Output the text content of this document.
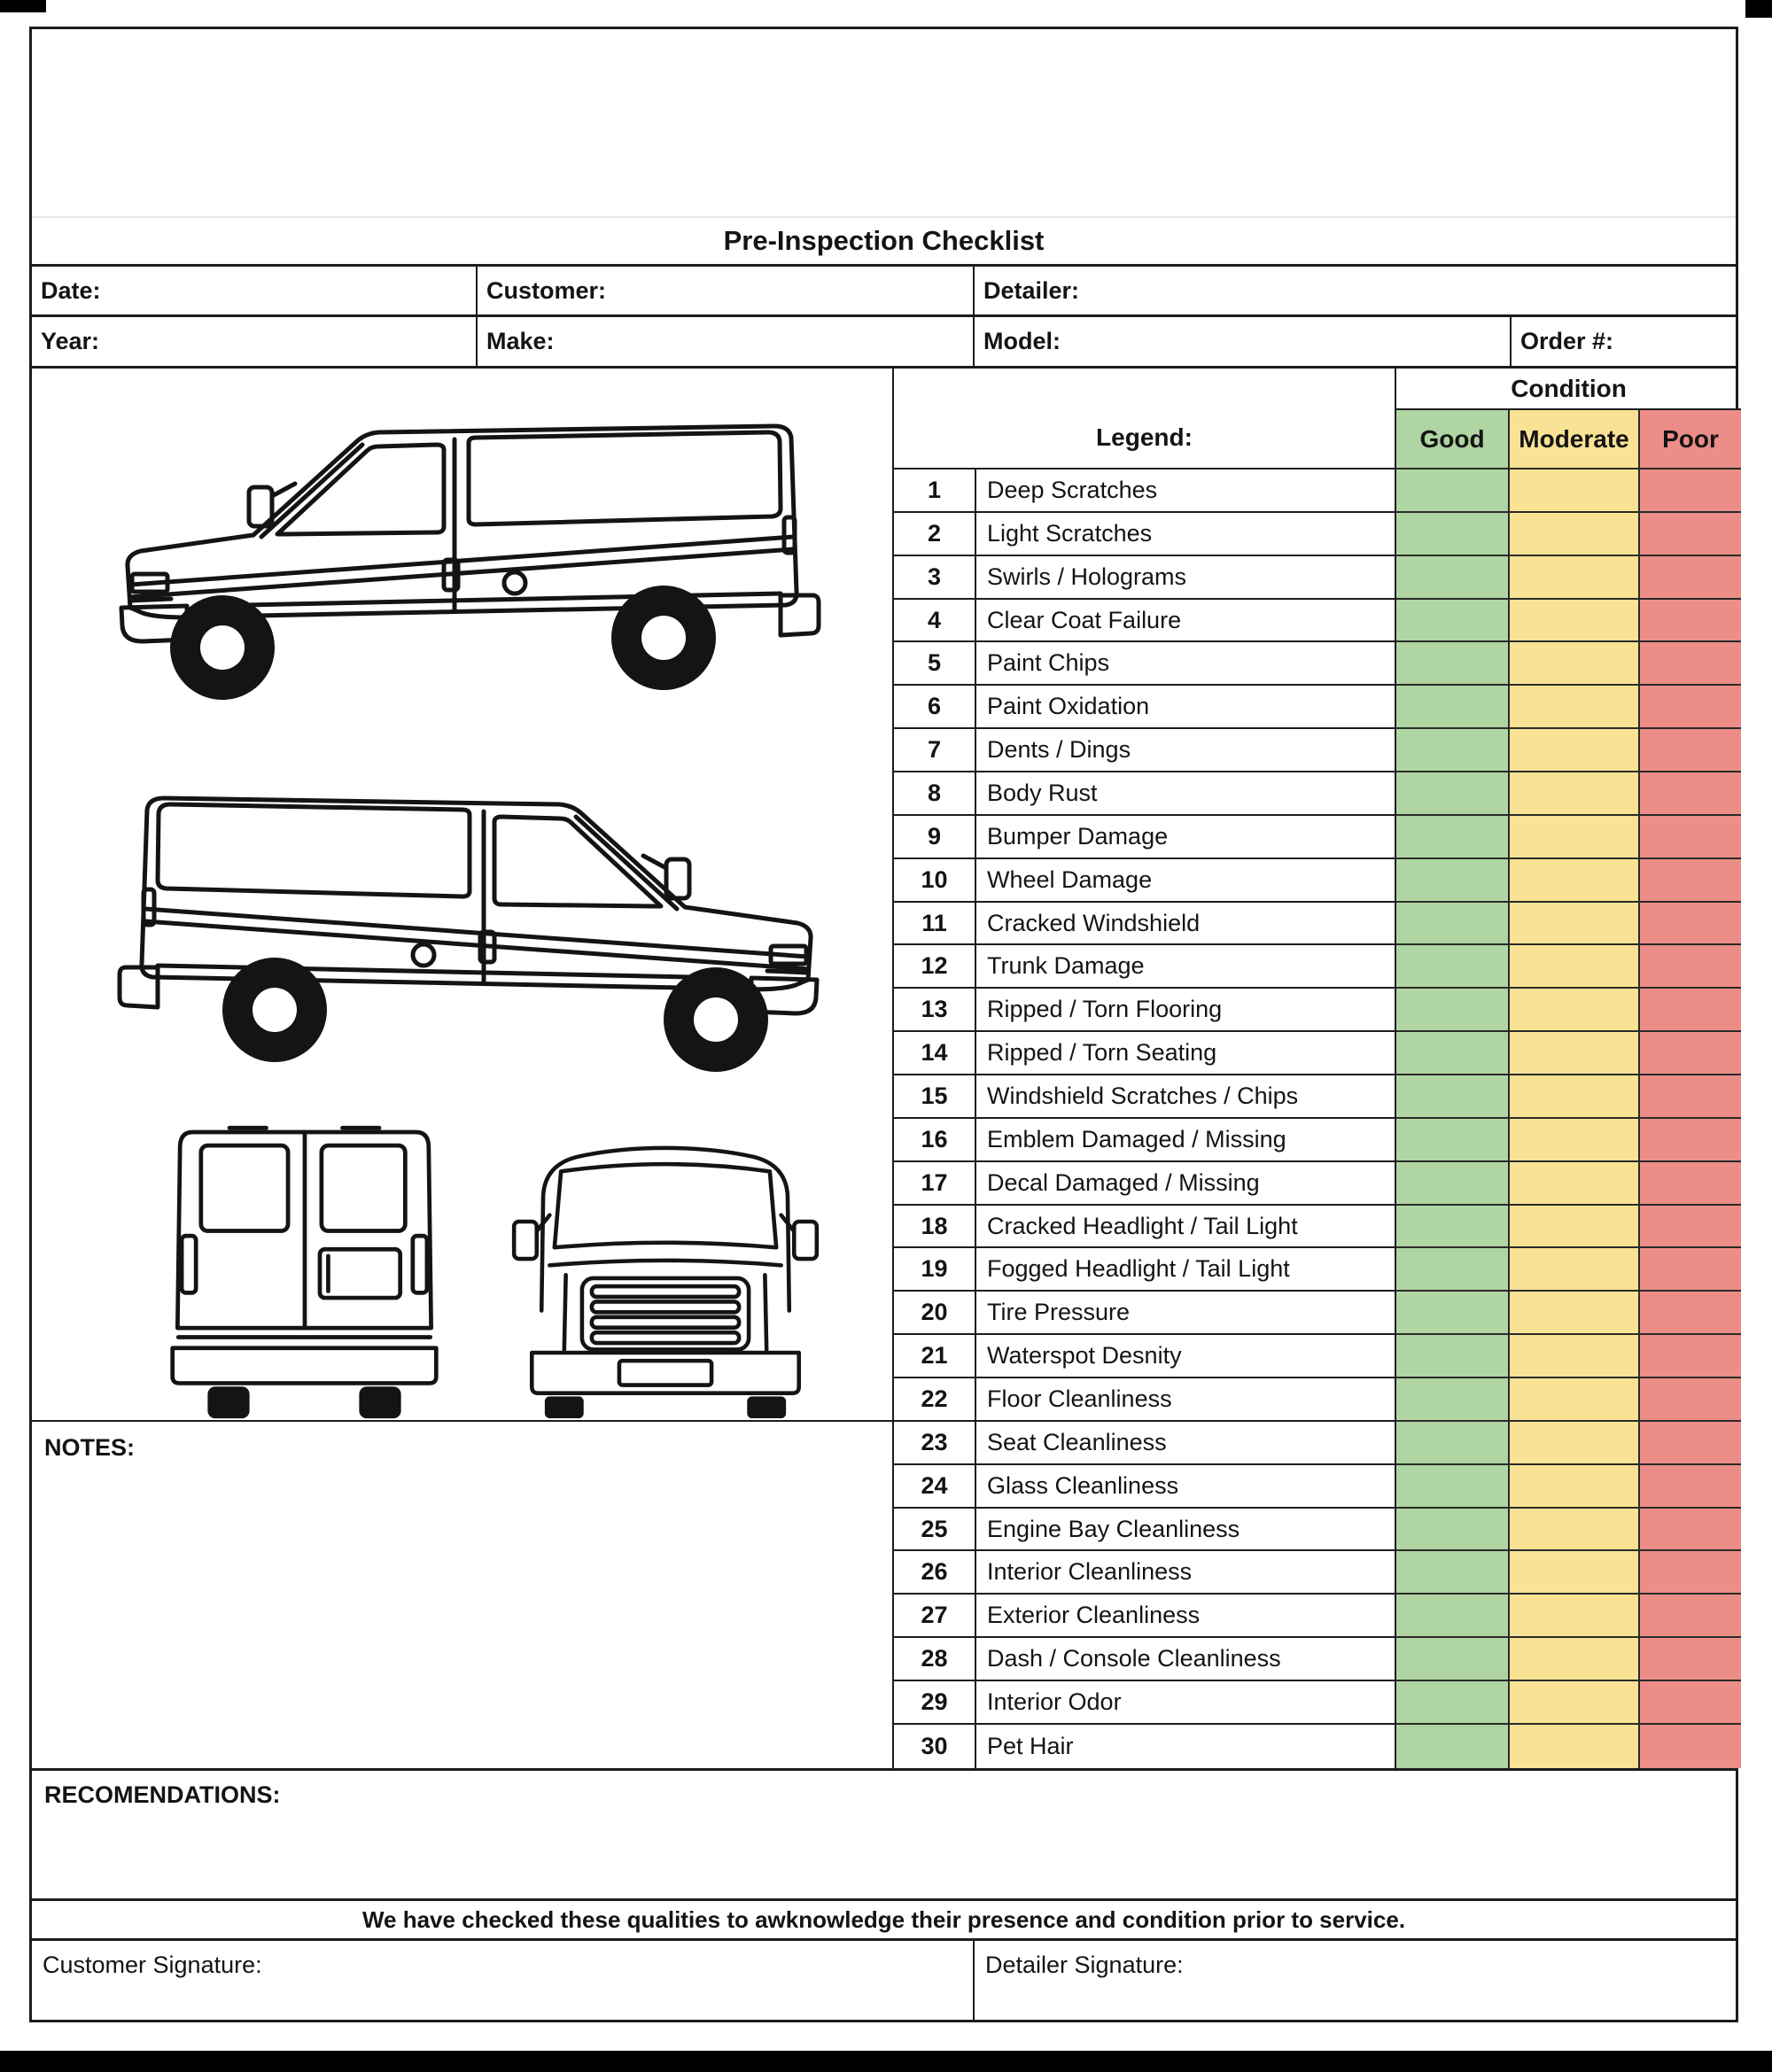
Pre-Inspection Checklist
Date:	Customer:	Detailer:
Year:	Make:	Model:	Order #:
NOTES:
Legend:
Condition
Good	Moderate	Poor
1	Deep Scratches
2	Light Scratches
3	Swirls / Holograms
4	Clear Coat Failure
5	Paint Chips
6	Paint Oxidation
7	Dents / Dings
8	Body Rust
9	Bumper Damage
10	Wheel Damage
11	Cracked Windshield
12	Trunk Damage
13	Ripped / Torn Flooring
14	Ripped / Torn Seating
15	Windshield Scratches / Chips
16	Emblem Damaged / Missing
17	Decal Damaged / Missing
18	Cracked Headlight / Tail Light
19	Fogged Headlight / Tail Light
20	Tire Pressure
21	Waterspot Desnity
22	Floor Cleanliness
23	Seat Cleanliness
24	Glass Cleanliness
25	Engine Bay Cleanliness
26	Interior Cleanliness
27	Exterior Cleanliness
28	Dash / Console Cleanliness
29	Interior Odor
30	Pet Hair
RECOMENDATIONS:
We have checked these qualities to awknowledge their presence and condition prior to service.
Customer Signature:	Detailer Signature:
